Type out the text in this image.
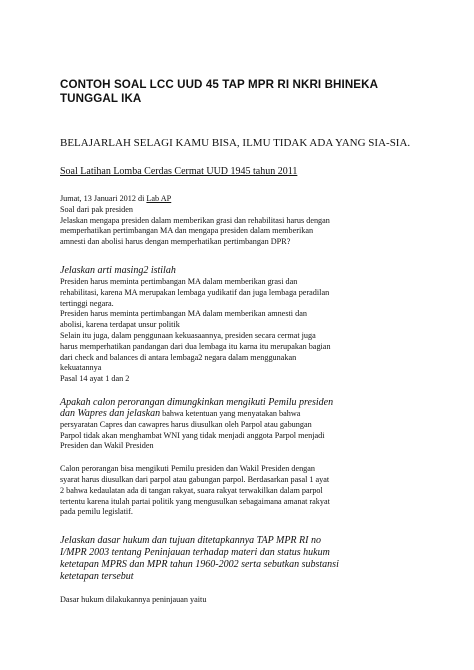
CONTOH SOAL LCC UUD 45 TAP MPR RI NKRI BHINEKA
TUNGGAL IKA
BELAJARLAH SELAGI KAMU BISA, ILMU TIDAK ADA YANG SIA-SIA.
Soal Latihan Lomba Cerdas Cermat UUD 1945 tahun 2011
Jumat, 13 Januari 2012 di Lab AP
Soal dari pak presiden
Jelaskan mengapa presiden dalam memberikan grasi dan rehabilitasi harus dengan
memperhatikan pertimbangan MA dan mengapa presiden dalam memberikan
amnesti dan abolisi harus dengan memperhatikan pertimbangan DPR?
Jelaskan arti masing2 istilah
Presiden harus meminta pertimbangan MA dalam memberikan grasi dan
rehabilitasi, karena MA merupakan lembaga yudikatif dan juga lembaga peradilan
tertinggi negara.
Presiden harus meminta pertimbangan MA dalam memberikan amnesti dan
abolisi, karena terdapat unsur politik
Selain itu juga, dalam penggunaan kekuasaannya, presiden secara cermat juga
harus memperhatikan pandangan dari dua lembaga itu karna itu merupakan bagian
dari check and balances di antara lembaga2 negara dalam menggunakan
kekuatannya
Pasal 14 ayat 1 dan 2
Apakah calon perorangan dimungkinkan mengikuti Pemilu presiden
dan Wapres dan jelaskan bahwa ketentuan yang menyatakan bahwa
persyaratan Capres dan cawapres harus diusulkan oleh Parpol atau gabungan
Parpol tidak akan menghambat WNI yang tidak menjadi anggota Parpol menjadi
Presiden dan Wakil Presiden
Calon perorangan bisa mengikuti Pemilu presiden dan Wakil Presiden dengan
syarat harus diusulkan dari parpol atau gabungan parpol. Berdasarkan pasal 1 ayat
2 bahwa kedaulatan ada di tangan rakyat, suara rakyat terwakilkan dalam parpol
tertentu karena itulah partai politik yang mengusulkan sebagaimana amanat rakyat
pada pemilu legislatif.
Jelaskan dasar hukum dan tujuan ditetapkannya TAP MPR RI no
I/MPR 2003 tentang Peninjauan terhadap materi dan status hukum
ketetapan MPRS dan MPR tahun 1960-2002 serta sebutkan substansi
ketetapan tersebut
Dasar hukum dilakukannya peninjauan yaitu
